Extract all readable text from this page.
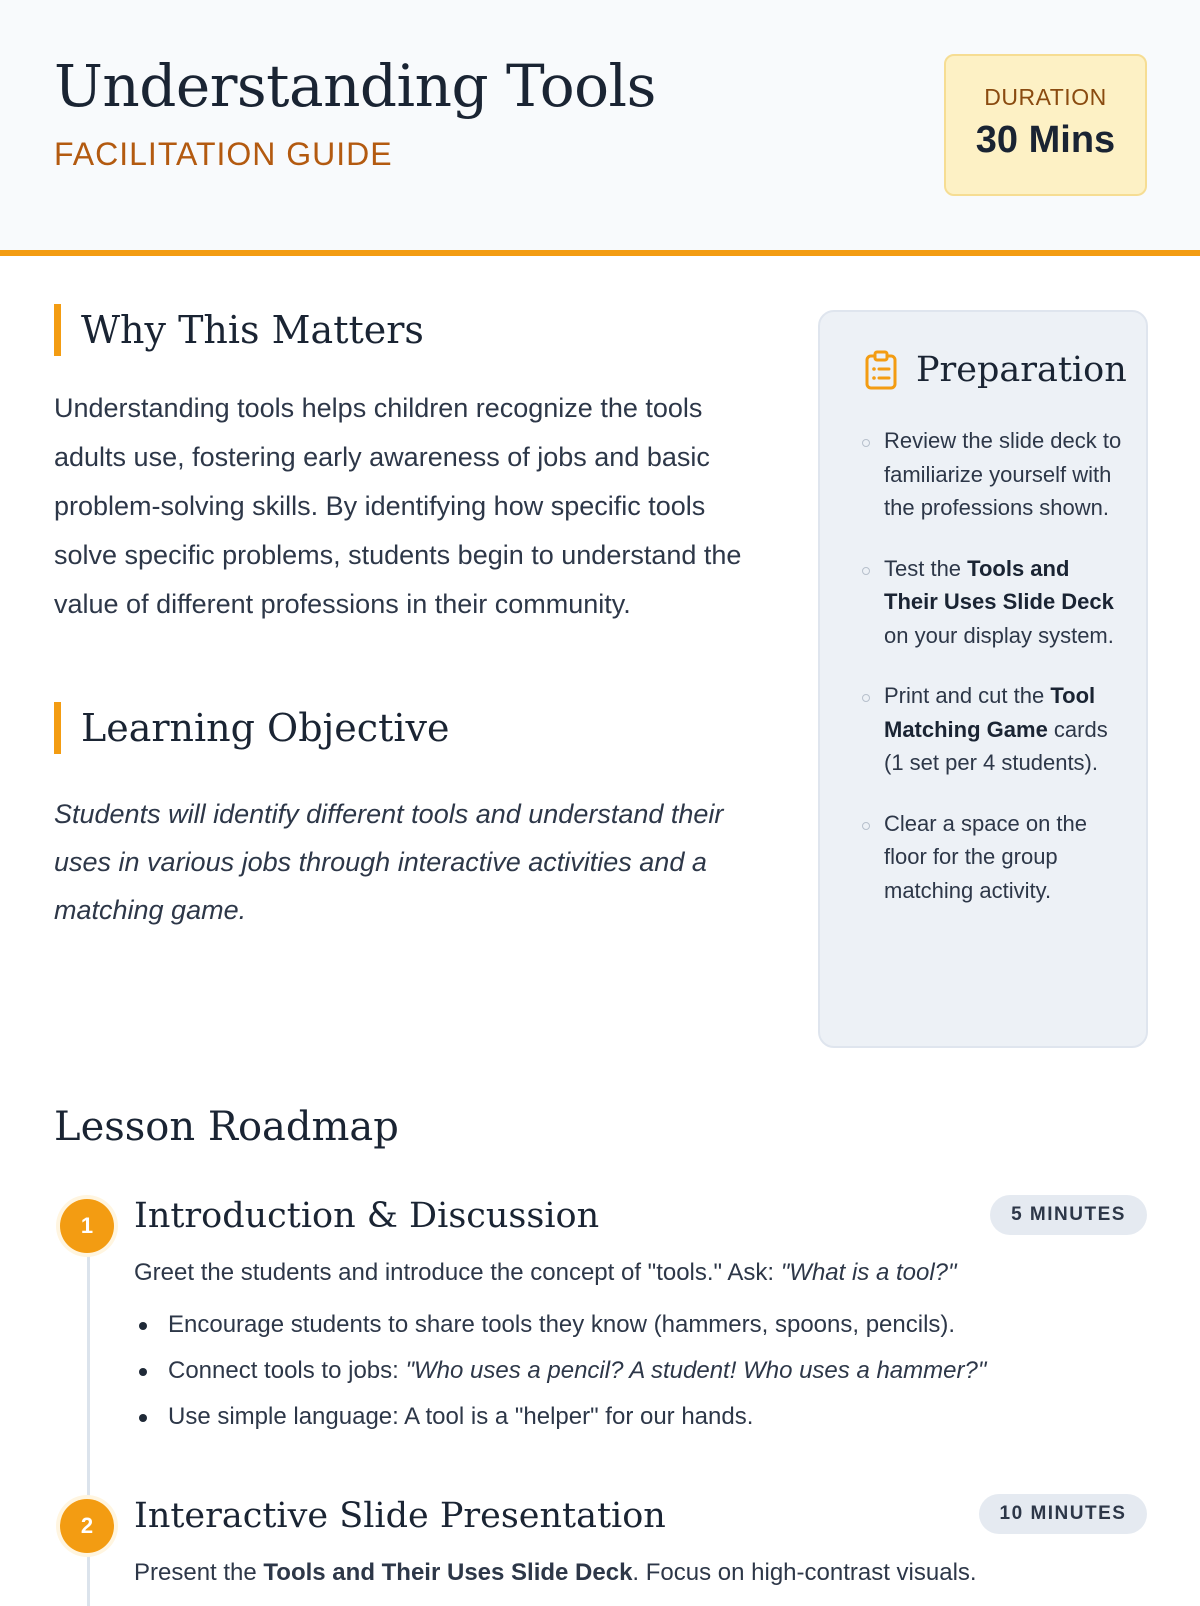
Understanding Tools
FACILITATION GUIDE
DURATION
30 Mins
Why This Matters
Understanding tools helps children recognize the tools adults use, fostering early awareness of jobs and basic problem-solving skills. By identifying how specific tools solve specific problems, students begin to understand the value of different professions in their community.
Learning Objective
Students will identify different tools and understand their uses in various jobs through interactive activities and a matching game.
Preparation
Review the slide deck to familiarize yourself with the professions shown.
Test the Tools and Their Uses Slide Deck on your display system.
Print and cut the Tool Matching Game cards (1 set per 4 students).
Clear a space on the floor for the group matching activity.
Lesson Roadmap
1	Introduction & Discussion	5 MINUTES
Greet the students and introduce the concept of "tools." Ask: "What is a tool?"
Encourage students to share tools they know (hammers, spoons, pencils).
Connect tools to jobs: "Who uses a pencil? A student! Who uses a hammer?"
Use simple language: A tool is a "helper" for our hands.
2	Interactive Slide Presentation	10 MINUTES
Present the Tools and Their Uses Slide Deck. Focus on high-contrast visuals.
